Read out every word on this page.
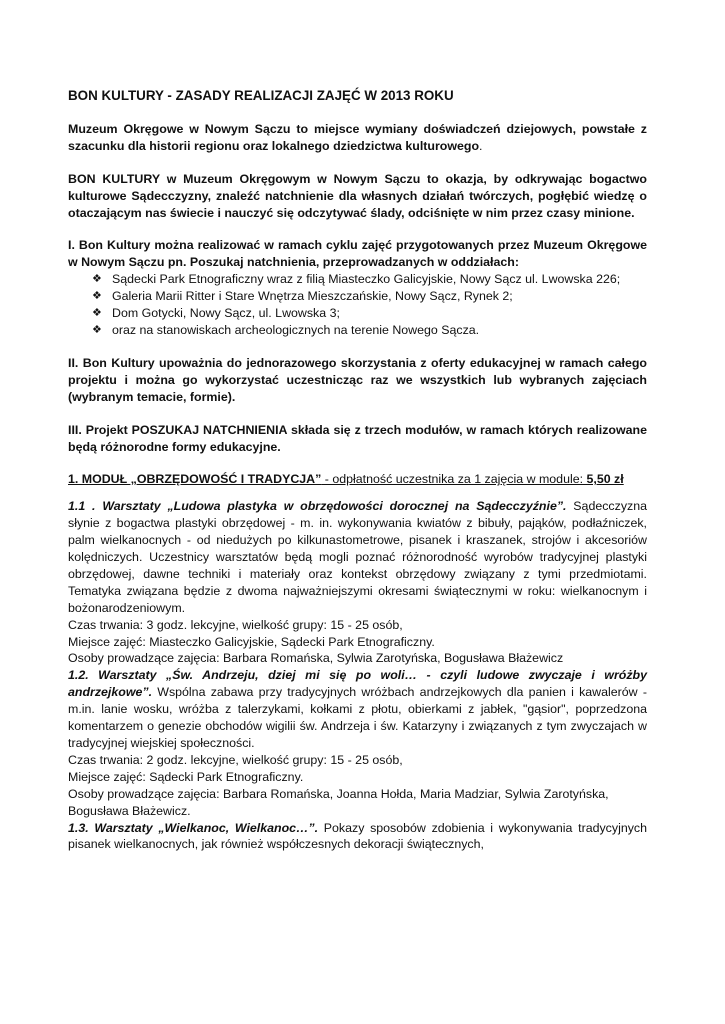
BON KULTURY - ZASADY REALIZACJI ZAJĘĆ W 2013 ROKU

Muzeum Okręgowe w Nowym Sączu to miejsce wymiany doświadczeń dziejowych, powstałe z szacunku dla historii regionu oraz lokalnego dziedzictwa kulturowego.

BON KULTURY w Muzeum Okręgowym w Nowym Sączu to okazja, by odkrywając bogactwo kulturowe Sądecczyzny, znaleźć natchnienie dla własnych działań twórczych, pogłębić wiedzę o otaczającym nas świecie i nauczyć się odczytywać ślady, odciśnięte w nim przez czasy minione.

I. Bon Kultury można realizować w ramach cyklu zajęć przygotowanych przez Muzeum Okręgowe w Nowym Sączu pn. Poszukaj natchnienia, przeprowadzanych w oddziałach:

❖ Sądecki Park Etnograficzny wraz z filią Miasteczko Galicyjskie, Nowy Sącz ul. Lwowska 226;
❖ Galeria Marii Ritter i Stare Wnętrza Mieszczańskie, Nowy Sącz, Rynek 2;
❖ Dom Gotycki, Nowy Sącz, ul. Lwowska 3;
❖ oraz na stanowiskach archeologicznych na terenie Nowego Sącza.

II. Bon Kultury upoważnia do jednorazowego skorzystania z oferty edukacyjnej w ramach całego projektu i można go wykorzystać uczestnicząc raz we wszystkich lub wybranych zajęciach (wybranym temacie, formie).

III. Projekt POSZUKAJ NATCHNIENIA składa się z trzech modułów, w ramach których realizowane będą różnorodne formy edukacyjne.

1. MODUŁ „OBRZĘDOWOŚĆ I TRADYCJA” - odpłatność uczestnika za 1 zajęcia w module: 5,50 zł

1.1 . Warsztaty „Ludowa plastyka w obrzędowości dorocznej na Sądecczyźnie”. Sądecczyzna słynie z bogactwa plastyki obrzędowej - m. in. wykonywania kwiatów z bibuły, pająków, podłaźniczek, palm wielkanocnych - od niedużych po kilkunastometrowe, pisanek i kraszanek, strojów i akcesoriów kolędniczych. Uczestnicy warsztatów będą mogli poznać różnorodność wyrobów tradycyjnej plastyki obrzędowej, dawne techniki i materiały oraz kontekst obrzędowy związany z tymi przedmiotami. Tematyka związana będzie z dwoma najważniejszymi okresami świątecznymi w roku: wielkanocnym i bożonarodzeniowym.

Czas trwania: 3 godz. lekcyjne, wielkość grupy: 15 - 25 osób,

Miejsce zajęć: Miasteczko Galicyjskie, Sądecki Park Etnograficzny.

Osoby prowadzące zajęcia: Barbara Romańska, Sylwia Zarotyńska, Bogusława Błażewicz

1.2. Warsztaty „Św. Andrzeju, dziej mi się po woli… - czyli ludowe zwyczaje i wróżby andrzejkowe”. Wspólna zabawa przy tradycyjnych wróżbach andrzejkowych dla panien i kawalerów - m.in. lanie wosku, wróżba z talerzykami, kołkami z płotu, obierkami z jabłek, "gąsior", poprzedzona komentarzem o genezie obchodów wigilii św. Andrzeja i św. Katarzyny i związanych z tym zwyczajach w tradycyjnej wiejskiej społeczności.

Czas trwania: 2 godz. lekcyjne, wielkość grupy: 15 - 25 osób,

Miejsce zajęć: Sądecki Park Etnograficzny.

Osoby prowadzące zajęcia: Barbara Romańska, Joanna Hołda, Maria Madziar, Sylwia Zarotyńska, Bogusława Błażewicz.

1.3. Warsztaty „Wielkanoc, Wielkanoc…”. Pokazy sposobów zdobienia i wykonywania tradycyjnych pisanek wielkanocnych, jak również współczesnych dekoracji świątecznych,
